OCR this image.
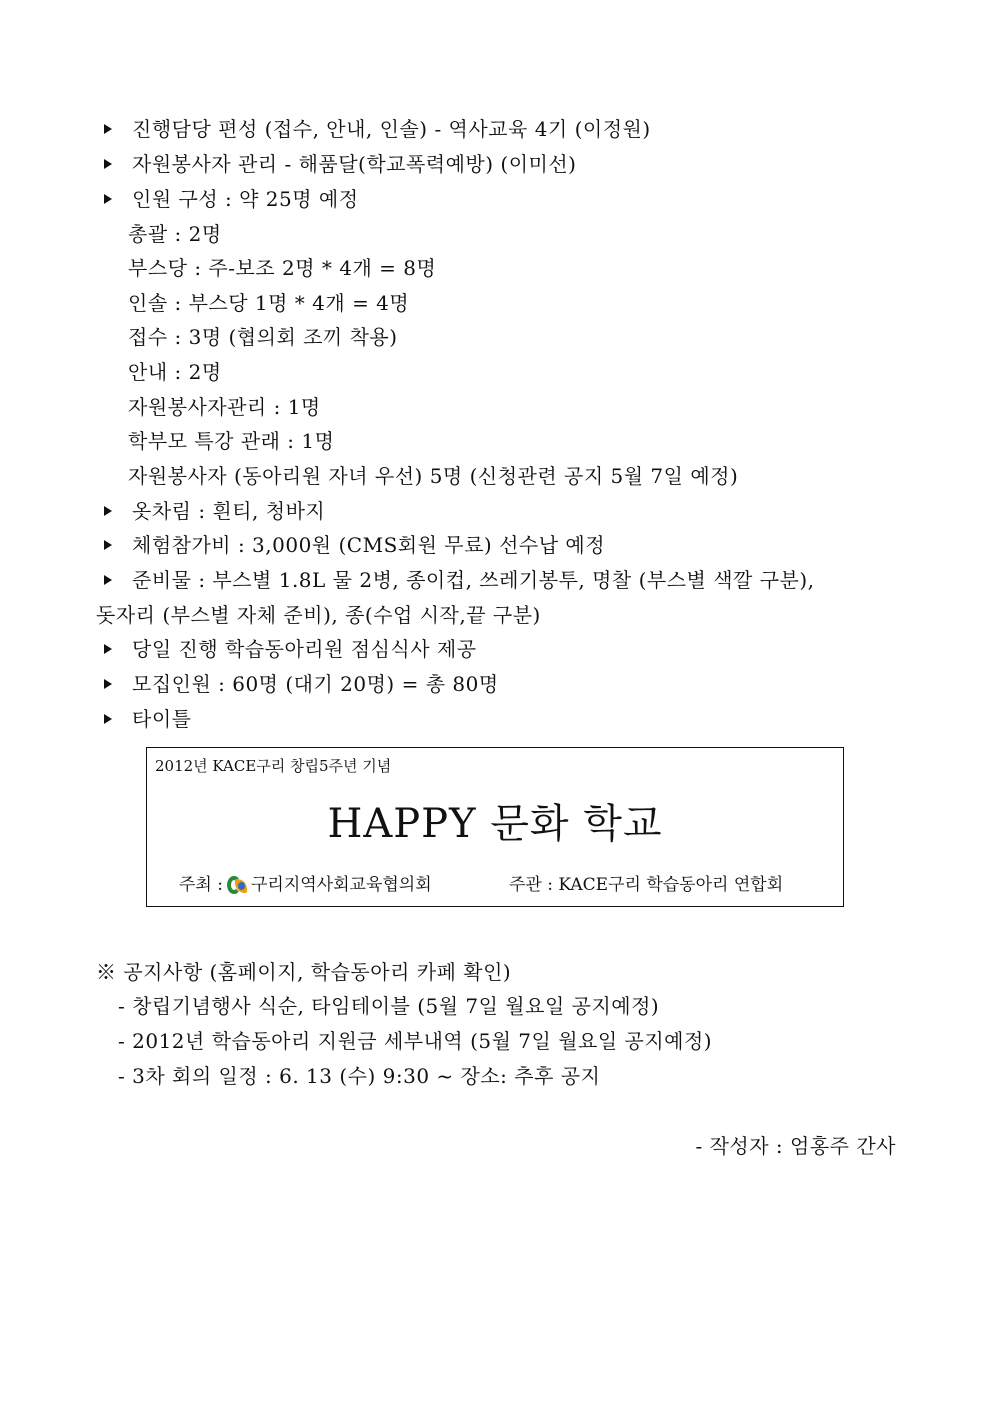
진행담당 편성 (접수, 안내, 인솔) - 역사교육 4기 (이정원)
자원봉사자 관리 - 해품달(학교폭력예방) (이미선)
인원 구성 : 약 25명 예정
총괄 : 2명
부스당 : 주-보조 2명 * 4개 = 8명
인솔 : 부스당 1명 * 4개 = 4명
접수 : 3명 (협의회 조끼 착용)
안내 : 2명
자원봉사자관리 : 1명
학부모 특강 관래 : 1명
자원봉사자 (동아리원 자녀 우선) 5명 (신청관련 공지 5월 7일 예정)
옷차림 : 흰티, 청바지
체험참가비 : 3,000원 (CMS회원 무료) 선수납 예정
준비물 : 부스별 1.8L 물 2병, 종이컵, 쓰레기봉투, 명찰 (부스별 색깔 구분),
돗자리 (부스별 자체 준비), 종(수업 시작,끝 구분)
당일 진행 학습동아리원 점심식사 제공
모집인원 : 60명 (대기 20명) = 총 80명
타이틀
2012년 KACE구리 창립5주년 기념
HAPPY 문화 학교
주최 : 구리지역사회교육협의회	주관 : KACE구리 학습동아리 연합회
※ 공지사항 (홈페이지, 학습동아리 카페 확인)
- 창립기념행사 식순, 타임테이블 (5월 7일 월요일 공지예정)
- 2012년 학습동아리 지원금 세부내역 (5월 7일 월요일 공지예정)
- 3차 회의 일정 : 6. 13 (수) 9:30 ~ 장소: 추후 공지
- 작성자 : 엄홍주 간사
